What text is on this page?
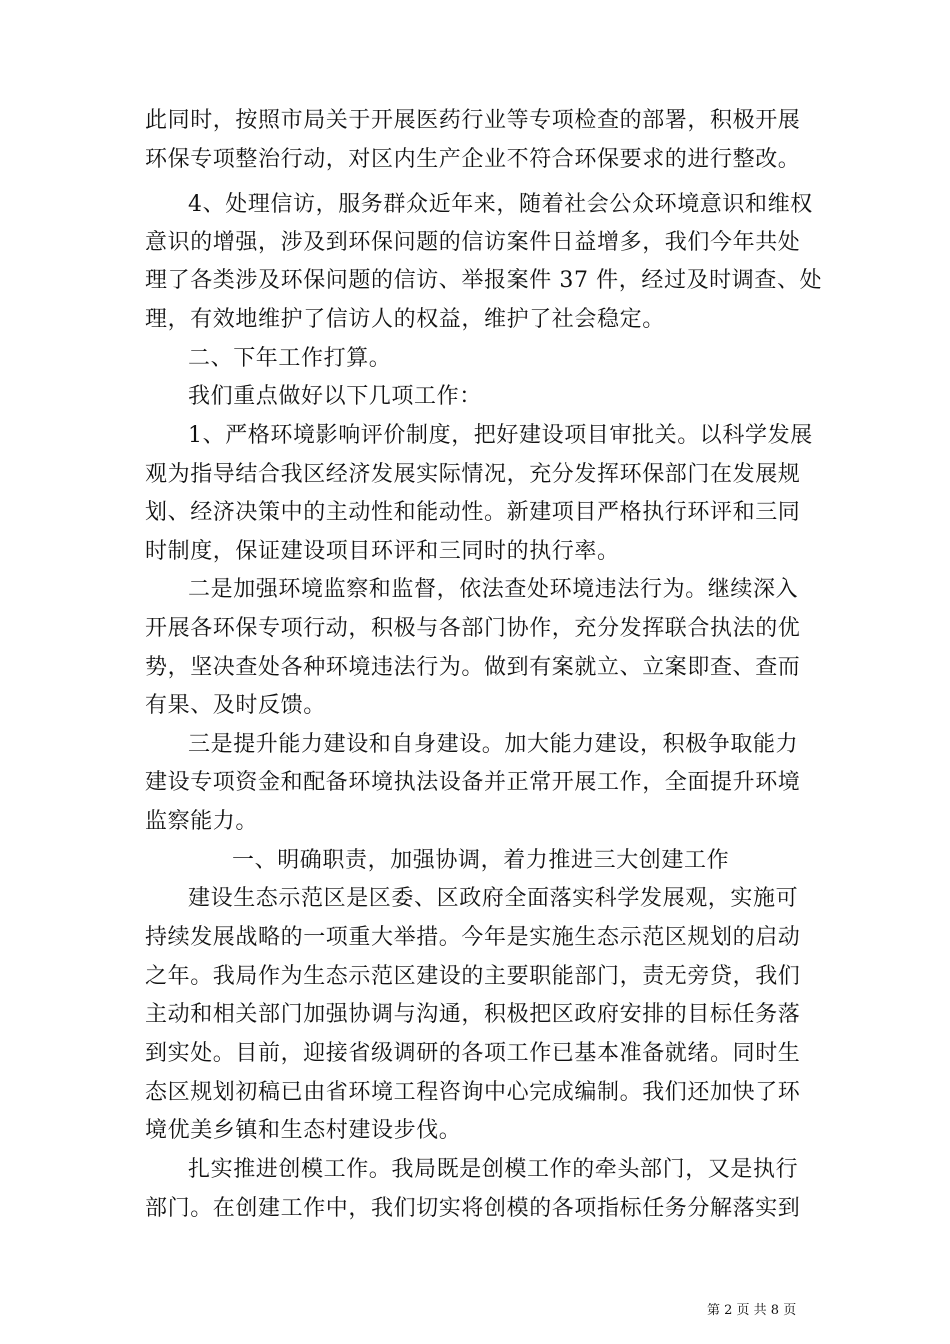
此同时，按照市局关于开展医药行业等专项检查的部署，积极开展
环保专项整治行动，对区内生产企业不符合环保要求的进行整改。
4、处理信访，服务群众近年来，随着社会公众环境意识和维权
意识的增强，涉及到环保问题的信访案件日益增多，我们今年共处
理了各类涉及环保问题的信访、举报案件 37 件，经过及时调查、处
理，有效地维护了信访人的权益，维护了社会稳定。
二、下年工作打算。
我们重点做好以下几项工作：
1、严格环境影响评价制度，把好建设项目审批关。以科学发展
观为指导结合我区经济发展实际情况，充分发挥环保部门在发展规
划、经济决策中的主动性和能动性。新建项目严格执行环评和三同
时制度，保证建设项目环评和三同时的执行率。
二是加强环境监察和监督，依法查处环境违法行为。继续深入
开展各环保专项行动，积极与各部门协作，充分发挥联合执法的优
势，坚决查处各种环境违法行为。做到有案就立、立案即查、查而
有果、及时反馈。
三是提升能力建设和自身建设。加大能力建设，积极争取能力
建设专项资金和配备环境执法设备并正常开展工作，全面提升环境
监察能力。
一、明确职责，加强协调，着力推进三大创建工作
建设生态示范区是区委、区政府全面落实科学发展观，实施可
持续发展战略的一项重大举措。今年是实施生态示范区规划的启动
之年。我局作为生态示范区建设的主要职能部门，责无旁贷，我们
主动和相关部门加强协调与沟通，积极把区政府安排的目标任务落
到实处。目前，迎接省级调研的各项工作已基本准备就绪。同时生
态区规划初稿已由省环境工程咨询中心完成编制。我们还加快了环
境优美乡镇和生态村建设步伐。
扎实推进创模工作。我局既是创模工作的牵头部门，又是执行
部门。在创建工作中，我们切实将创模的各项指标任务分解落实到
第 2 页 共 8 页
